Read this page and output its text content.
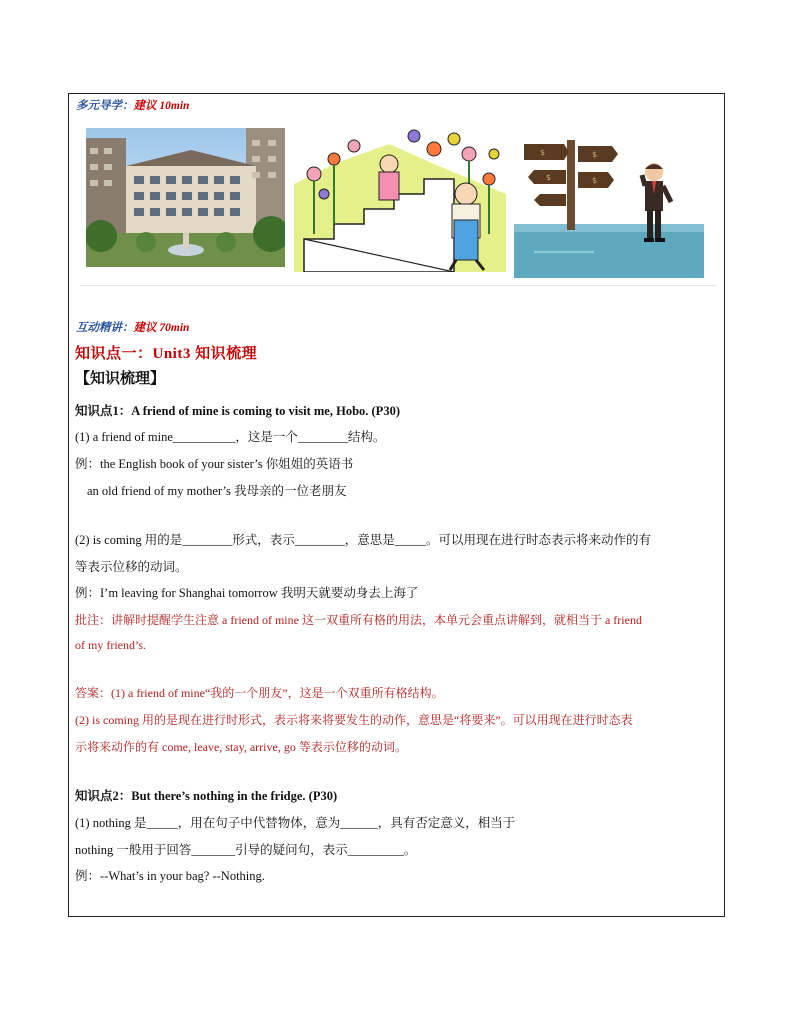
多元导学：建议 10min
$	$
$	$
互动精讲：建议 70min
知识点一：Unit3 知识梳理
【知识梳理】
知识点1：A friend of mine is coming to visit me, Hobo. (P30)
(1) a friend of mine__________，这是一个________结构。
例：the English book of your sister’s 你姐姐的英语书
an old friend of my mother’s 我母亲的一位老朋友
(2) is coming 用的是________形式，表示________，意思是_____。可以用现在进行时态表示将来动作的有
等表示位移的动词。
例：I’m leaving for Shanghai tomorrow 我明天就要动身去上海了
批注：讲解时提醒学生注意 a friend of mine 这一双重所有格的用法，本单元会重点讲解到，就相当于 a friend
of my friend’s.
答案：(1) a friend of mine“我的一个朋友”，这是一个双重所有格结构。
(2) is coming 用的是现在进行时形式，表示将来将要发生的动作，意思是“将要来”。可以用现在进行时态表
示将来动作的有 come, leave, stay, arrive, go 等表示位移的动词。
知识点2：But there’s nothing in the fridge. (P30)
(1) nothing 是_____，用在句子中代替物体，意为______，具有否定意义，相当于
nothing 一般用于回答_______引导的疑问句，表示_________。
例：--What’s in your bag? --Nothing.
